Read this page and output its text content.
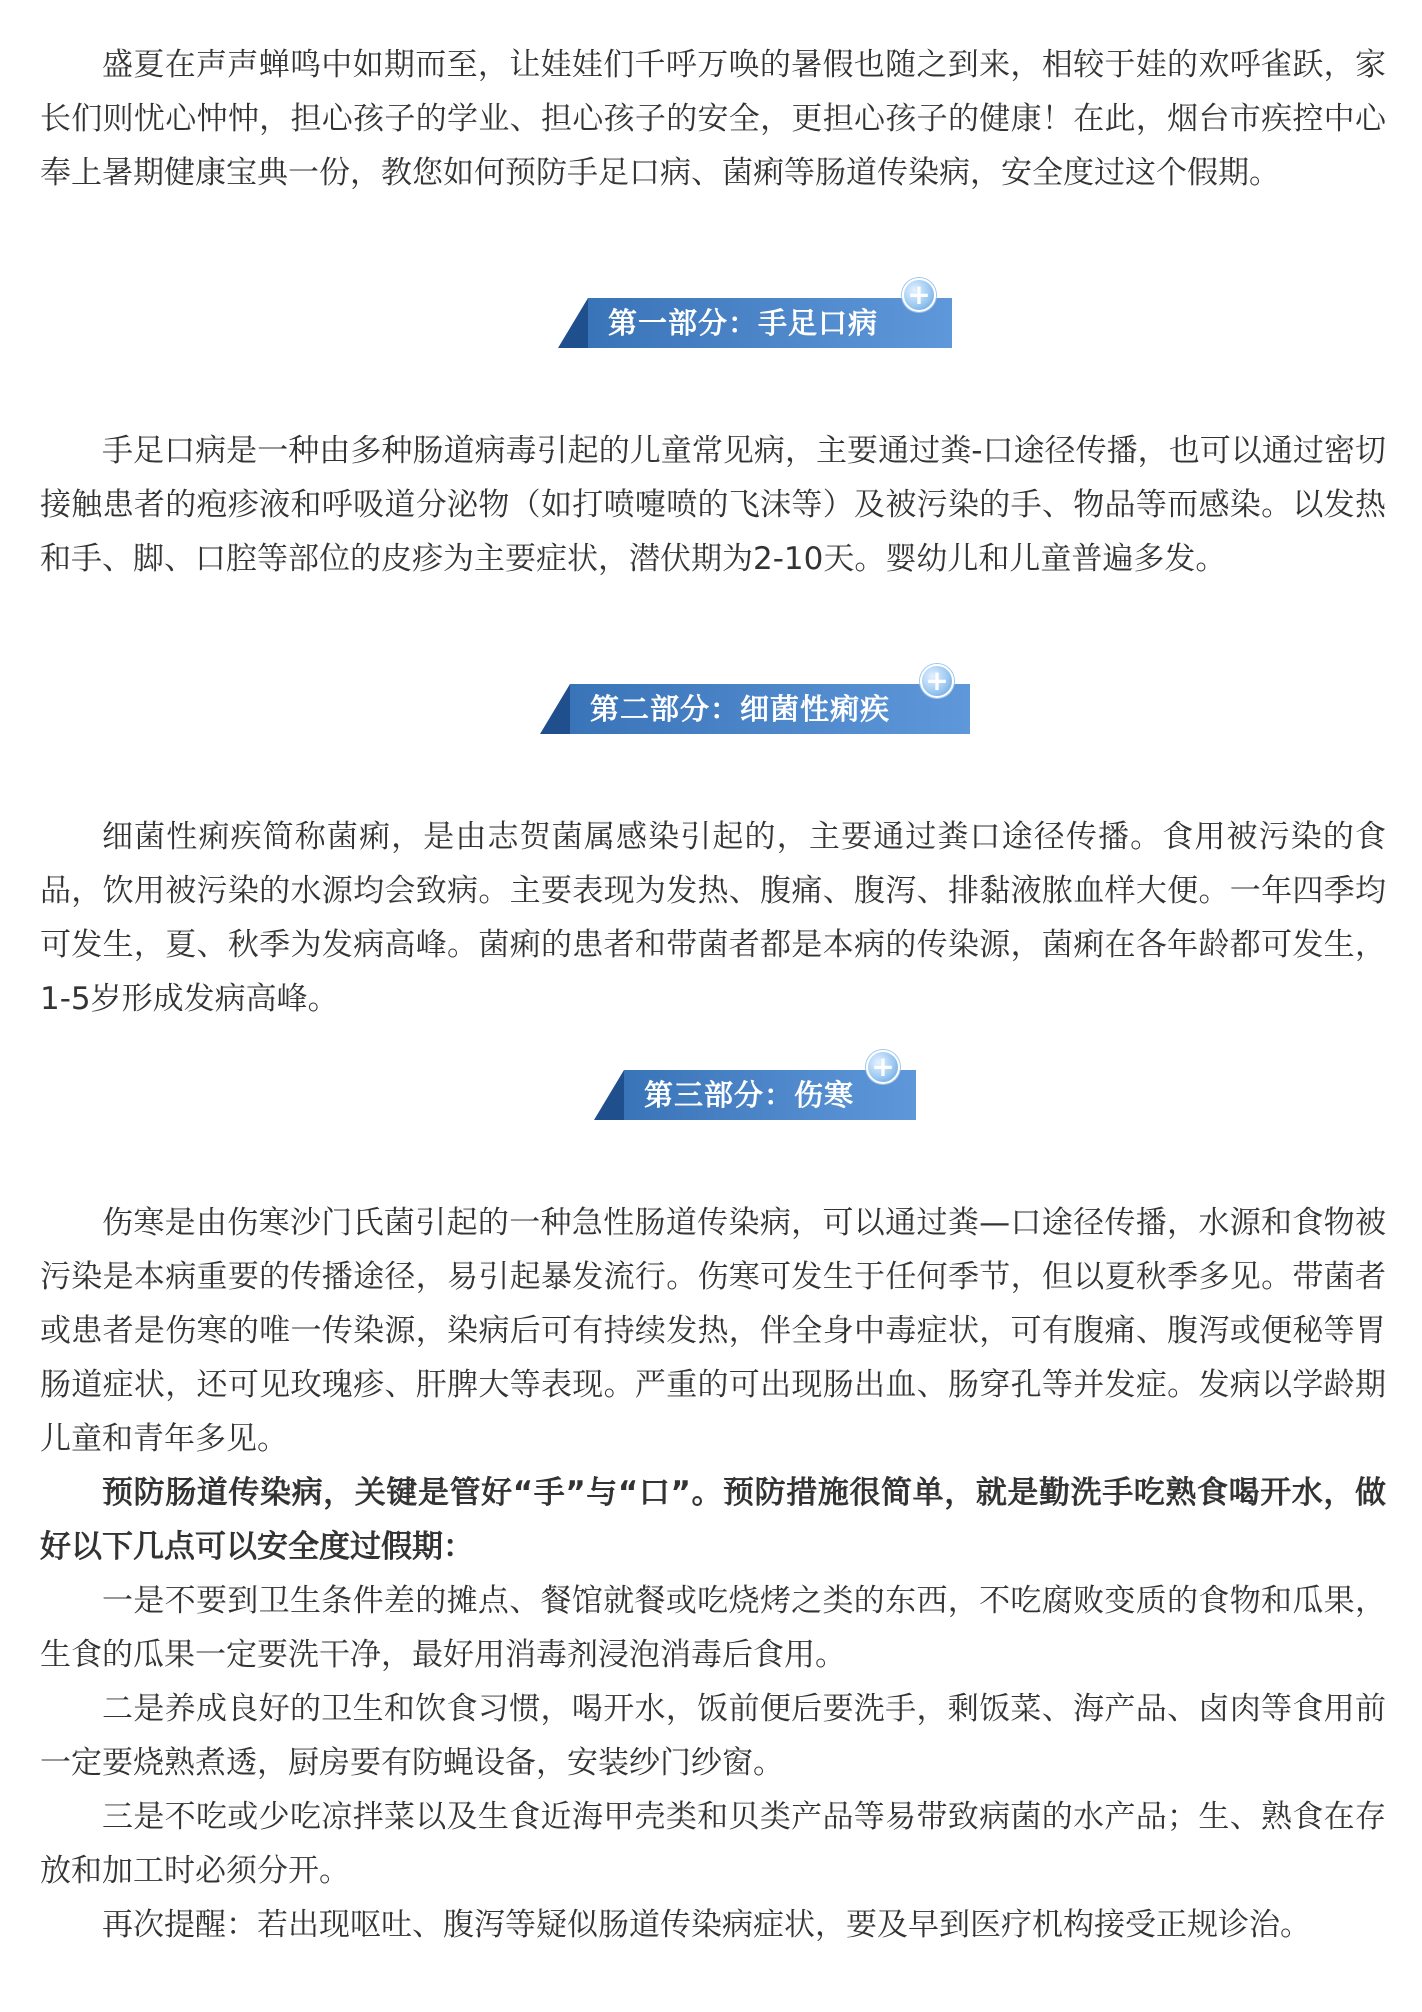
盛夏在声声蝉鸣中如期而至，让娃娃们千呼万唤的暑假也随之到来，相较于娃的欢呼雀跃，家长们则忧心忡忡，担心孩子的学业、担心孩子的安全，更担心孩子的健康！在此，烟台市疾控中心奉上暑期健康宝典一份，教您如何预防手足口病、菌痢等肠道传染病，安全度过这个假期。

第一部分：手足口病
+

手足口病是一种由多种肠道病毒引起的儿童常见病，主要通过粪-口途径传播，也可以通过密切接触患者的疱疹液和呼吸道分泌物（如打喷嚏喷的飞沫等）及被污染的手、物品等而感染。以发热和手、脚、口腔等部位的皮疹为主要症状，潜伏期为2-10天。婴幼儿和儿童普遍多发。

第二部分：细菌性痢疾
+

细菌性痢疾简称菌痢，是由志贺菌属感染引起的，主要通过粪口途径传播。食用被污染的食品，饮用被污染的水源均会致病。主要表现为发热、腹痛、腹泻、排黏液脓血样大便。一年四季均可发生，夏、秋季为发病高峰。菌痢的患者和带菌者都是本病的传染源，菌痢在各年龄都可发生， 1-5岁形成发病高峰。

第三部分：伤寒
+

伤寒是由伤寒沙门氏菌引起的一种急性肠道传染病，可以通过粪—口途径传播，水源和食物被污染是本病重要的传播途径，易引起暴发流行。伤寒可发生于任何季节，但以夏秋季多见。带菌者或患者是伤寒的唯一传染源，染病后可有持续发热，伴全身中毒症状，可有腹痛、腹泻或便秘等胃肠道症状，还可见玫瑰疹、肝脾大等表现。严重的可出现肠出血、肠穿孔等并发症。发病以学龄期儿童和青年多见。

预防肠道传染病，关键是管好“手”与“口”。预防措施很简单，就是勤洗手吃熟食喝开水，做好以下几点可以安全度过假期：

一是不要到卫生条件差的摊点、餐馆就餐或吃烧烤之类的东西，不吃腐败变质的食物和瓜果，生食的瓜果一定要洗干净，最好用消毒剂浸泡消毒后食用。

二是养成良好的卫生和饮食习惯，喝开水，饭前便后要洗手，剩饭菜、海产品、卤肉等食用前一定要烧熟煮透，厨房要有防蝇设备，安装纱门纱窗。

三是不吃或少吃凉拌菜以及生食近海甲壳类和贝类产品等易带致病菌的水产品；生、熟食在存放和加工时必须分开。

再次提醒：若出现呕吐、腹泻等疑似肠道传染病症状，要及早到医疗机构接受正规诊治。
